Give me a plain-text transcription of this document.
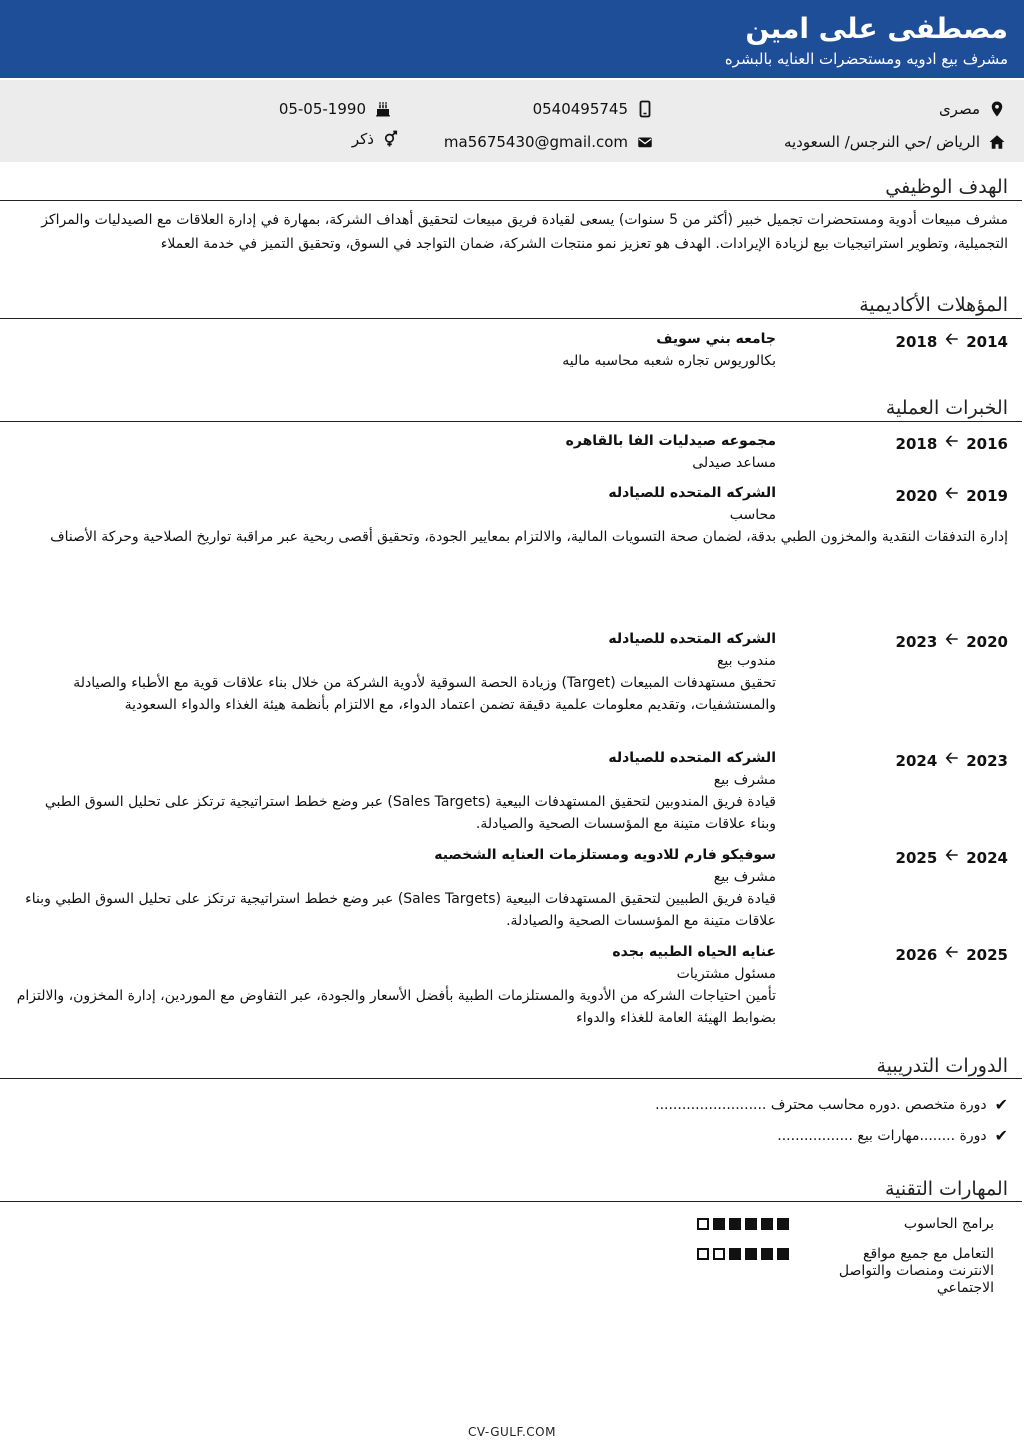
مصطفى على امين
مشرف بيع ادويه ومستحضرات العنايه بالبشره
مصرى
0540495745
05-05-1990
الرياض /حي النرجس/ السعوديه
ma5675430@gmail.com
ذكر
الهدف الوظيفي
مشرف مبيعات أدوية ومستحضرات تجميل خبير (أكثر من 5 سنوات) يسعى لقيادة فريق مبيعات لتحقيق أهداف الشركة، بمهارة في إدارة العلاقات مع الصيدليات والمراكز التجميلية، وتطوير استراتيجيات بيع لزيادة الإيرادات. الهدف هو تعزيز نمو منتجات الشركة، ضمان التواجد في السوق، وتحقيق التميز في خدمة العملاء
المؤهلات الأكاديمية
2018 🡠 2014
جامعه بني سويف
بكالوريوس تجاره شعبه محاسبه ماليه
الخبرات العملية
2018 🡠 2016
مجموعه صيدليات الفا بالقاهره
مساعد صيدلى
2020 🡠 2019
الشركه المتحده للصيادله
محاسب
إدارة التدفقات النقدية والمخزون الطبي بدقة، لضمان صحة التسويات المالية، والالتزام بمعايير الجودة، وتحقيق أقصى ربحية عبر مراقبة تواريخ الصلاحية وحركة الأصناف
2023 🡠 2020
الشركه المتحده للصيادله
مندوب بيع
تحقيق مستهدفات المبيعات (Target) وزيادة الحصة السوقية لأدوية الشركة من خلال بناء علاقات قوية مع الأطباء والصيادلة والمستشفيات، وتقديم معلومات علمية دقيقة تضمن اعتماد الدواء، مع الالتزام بأنظمة هيئة الغذاء والدواء السعودية
2024 🡠 2023
الشركه المتحده للصيادله
مشرف بيع
قيادة فريق المندوبين لتحقيق المستهدفات البيعية (Sales Targets) عبر وضع خطط استراتيجية ترتكز على تحليل السوق الطبي وبناء علاقات متينة مع المؤسسات الصحية والصيادلة.
2025 🡠 2024
سوفيكو فارم للادويه ومستلزمات العنايه الشخصيه
مشرف بيع
قيادة فريق الطبيين لتحقيق المستهدفات البيعية (Sales Targets) عبر وضع خطط استراتيجية ترتكز على تحليل السوق الطبي وبناء علاقات متينة مع المؤسسات الصحية والصيادلة.
2026 🡠 2025
عنايه الحياه الطبيه بجده
مسئول مشتريات
تأمين احتياجات الشركه من الأدوية والمستلزمات الطبية بأفضل الأسعار والجودة، عبر التفاوض مع الموردين، إدارة المخزون، والالتزام بضوابط الهيئة العامة للغذاء والدواء
الدورات التدريبية
✔
دورة متخصص .دوره محاسب محترف .........................
✔
دورة ........مهارات بيع .................
المهارات التقنية
برامج الحاسوب
التعامل مع جميع مواقع الانترنت ومنصات والتواصل الاجتماعي
CV-GULF.COM
